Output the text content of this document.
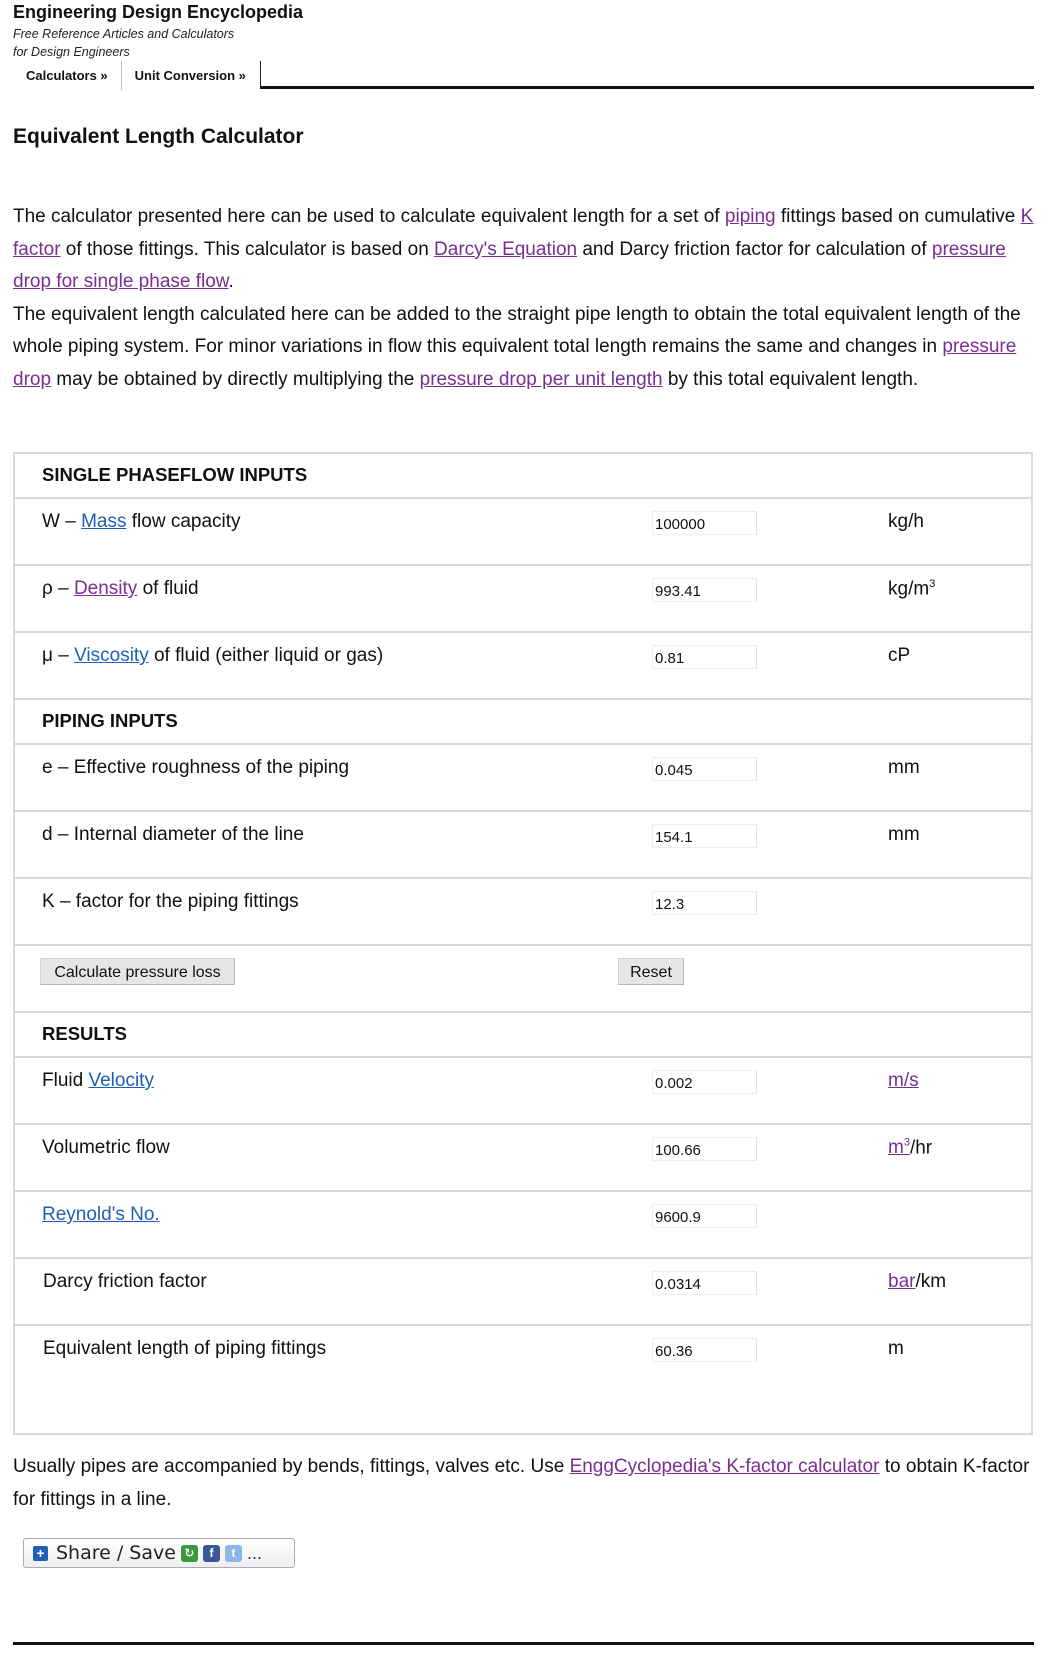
Engineering Design Encyclopedia
Free Reference Articles and Calculators
for Design Engineers
Calculators »	Unit Conversion »
Equivalent Length Calculator

The calculator presented here can be used to calculate equivalent length for a set of piping fittings based on cumulative K factor of those fittings. This calculator is based on Darcy's Equation and Darcy friction factor for calculation of pressure drop for single phase flow.
The equivalent length calculated here can be added to the straight pipe length to obtain the total equivalent length of the whole piping system. For minor variations in flow this equivalent total length remains the same and changes in pressure drop may be obtained by directly multiplying the pressure drop per unit length by this total equivalent length.

SINGLE PHASEFLOW INPUTS
W – Mass flow capacity
100000	kg/h
ρ – Density of fluid
993.41	$kg/m^3$
μ – Viscosity of fluid (either liquid or gas)
0.81	cP
PIPING INPUTS
e – Effective roughness of the piping
0.045	mm
d – Internal diameter of the line
154.1	mm
K – factor for the piping fittings
12.3
Calculate pressure loss	Reset
RESULTS
Fluid Velocity
0.002	m/s
Volumetric flow
100.66	$m^3/hr$
Reynold's No.
9600.9
Darcy friction factor
0.0314	bar/km
Equivalent length of piping fittings
60.36	m

Usually pipes are accompanied by bends, fittings, valves etc. Use EnggCyclopedia's K-factor calculator to obtain K-factor for fittings in a line.

+ Share / Save ↻	f	t ...
